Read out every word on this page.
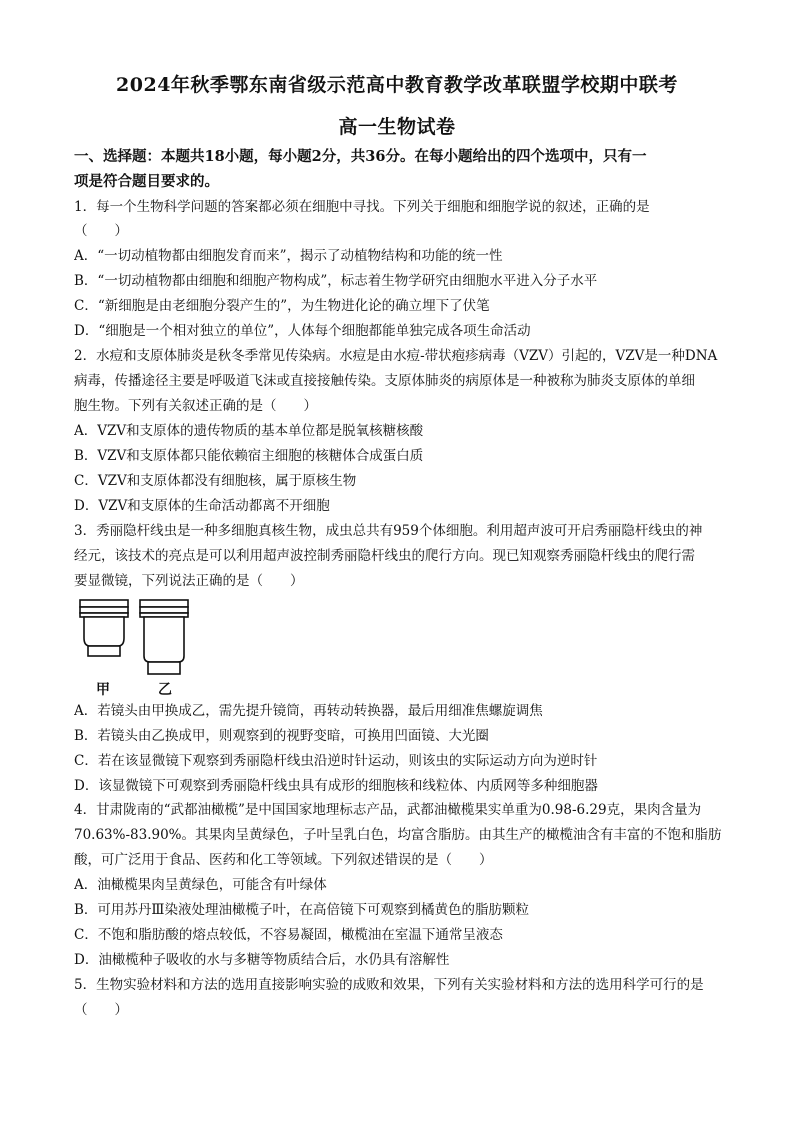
2024年秋季鄂东南省级示范高中教育教学改革联盟学校期中联考
高一生物试卷
一、选择题：本题共18小题，每小题2分，共36分。在每小题给出的四个选项中，只有一
项是符合题目要求的。
1．每一个生物科学问题的答案都必须在细胞中寻找。下列关于细胞和细胞学说的叙述，正确的是
（　　）
A．“一切动植物都由细胞发育而来”，揭示了动植物结构和功能的统一性
B．“一切动植物都由细胞和细胞产物构成”，标志着生物学研究由细胞水平进入分子水平
C．“新细胞是由老细胞分裂产生的”，为生物进化论的确立埋下了伏笔
D．“细胞是一个相对独立的单位”，人体每个细胞都能单独完成各项生命活动
2．水痘和支原体肺炎是秋冬季常见传染病。水痘是由水痘-带状疱疹病毒（VZV）引起的，VZV是一种DNA
病毒，传播途径主要是呼吸道飞沫或直接接触传染。支原体肺炎的病原体是一种被称为肺炎支原体的单细
胞生物。下列有关叙述正确的是（　　）
A．VZV和支原体的遗传物质的基本单位都是脱氧核糖核酸
B．VZV和支原体都只能依赖宿主细胞的核糖体合成蛋白质
C．VZV和支原体都没有细胞核，属于原核生物
D．VZV和支原体的生命活动都离不开细胞
3．秀丽隐杆线虫是一种多细胞真核生物，成虫总共有959个体细胞。利用超声波可开启秀丽隐杆线虫的神
经元，该技术的亮点是可以利用超声波控制秀丽隐杆线虫的爬行方向。现已知观察秀丽隐杆线虫的爬行需
要显微镜，下列说法正确的是（　　）
甲	乙
A．若镜头由甲换成乙，需先提升镜筒，再转动转换器，最后用细准焦螺旋调焦
B．若镜头由乙换成甲，则观察到的视野变暗，可换用凹面镜、大光圈
C．若在该显微镜下观察到秀丽隐杆线虫沿逆时针运动，则该虫的实际运动方向为逆时针
D．该显微镜下可观察到秀丽隐杆线虫具有成形的细胞核和线粒体、内质网等多种细胞器
4．甘肃陇南的“武都油橄榄”是中国国家地理标志产品，武都油橄榄果实单重为0.98-6.29克，果肉含量为
70.63%-83.90%。其果肉呈黄绿色，子叶呈乳白色，均富含脂肪。由其生产的橄榄油含有丰富的不饱和脂肪
酸，可广泛用于食品、医药和化工等领域。下列叙述错误的是（　　）
A．油橄榄果肉呈黄绿色，可能含有叶绿体
B．可用苏丹Ⅲ染液处理油橄榄子叶，在高倍镜下可观察到橘黄色的脂肪颗粒
C．不饱和脂肪酸的熔点较低，不容易凝固，橄榄油在室温下通常呈液态
D．油橄榄种子吸收的水与多糖等物质结合后，水仍具有溶解性
5．生物实验材料和方法的选用直接影响实验的成败和效果，下列有关实验材料和方法的选用科学可行的是
（　　）
